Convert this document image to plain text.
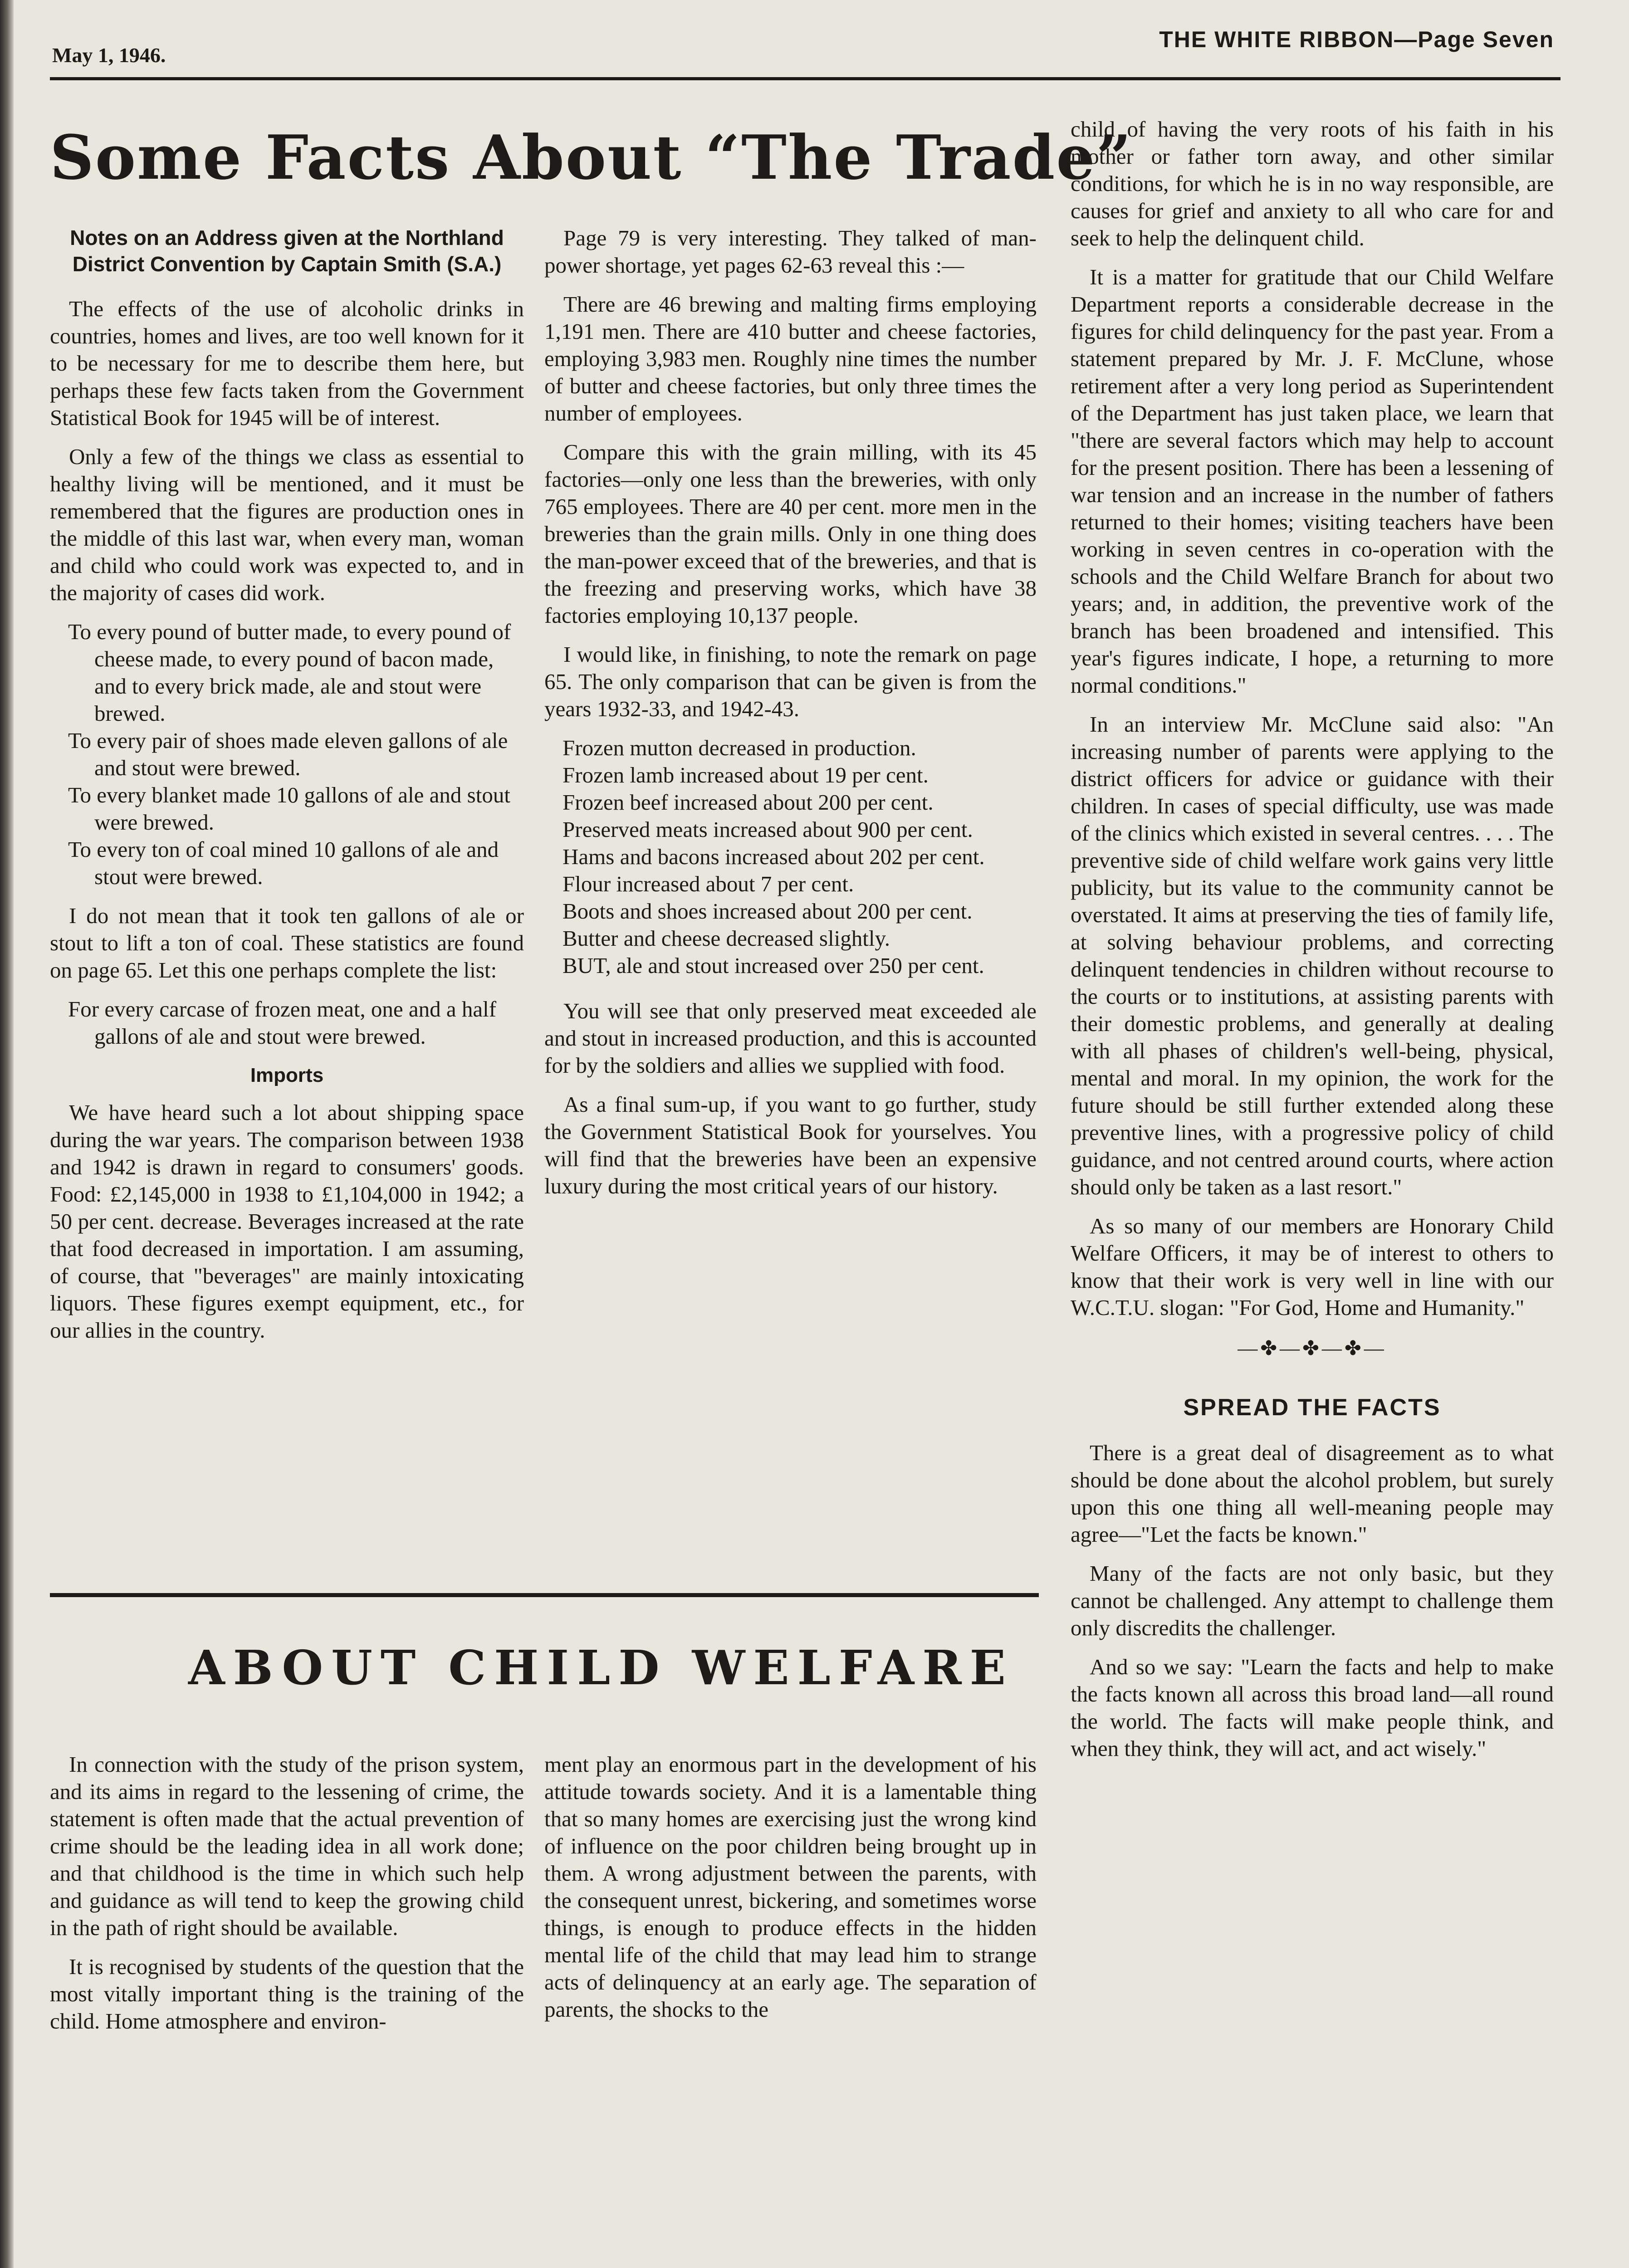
May 1, 1946.
THE WHITE RIBBON—Page Seven
Some Facts About “The Trade”
Notes on an Address given at the Northland District Convention by Captain Smith (S.A.)

The effects of the use of alcoholic drinks in countries, homes and lives, are too well known for it to be necessary for me to describe them here, but perhaps these few facts taken from the Government Statistical Book for 1945 will be of interest.

Only a few of the things we class as essential to healthy living will be mentioned, and it must be remembered that the figures are production ones in the middle of this last war, when every man, woman and child who could work was expected to, and in the majority of cases did work.

To every pound of butter made, to every pound of cheese made, to every pound of bacon made, and to every brick made, ale and stout were brewed.
To every pair of shoes made eleven gallons of ale and stout were brewed.
To every blanket made 10 gallons of ale and stout were brewed.
To every ton of coal mined 10 gallons of ale and stout were brewed.

I do not mean that it took ten gallons of ale or stout to lift a ton of coal. These statistics are found on page 65. Let this one perhaps complete the list:

For every carcase of frozen meat, one and a half gallons of ale and stout were brewed.
Imports

We have heard such a lot about shipping space during the war years. The comparison between 1938 and 1942 is drawn in regard to consumers' goods. Food: £2,145,000 in 1938 to £1,104,000 in 1942; a 50 per cent. decrease. Beverages increased at the rate that food decreased in importation. I am assuming, of course, that "beverages" are mainly intoxicating liquors. These figures exempt equipment, etc., for our allies in the country.

Page 79 is very interesting. They talked of man-power shortage, yet pages 62-63 reveal this :—

There are 46 brewing and malting firms employing 1,191 men. There are 410 butter and cheese factories, employing 3,983 men. Roughly nine times the number of butter and cheese factories, but only three times the number of employees.

Compare this with the grain milling, with its 45 factories—only one less than the breweries, with only 765 employees. There are 40 per cent. more men in the breweries than the grain mills. Only in one thing does the man-power exceed that of the breweries, and that is the freezing and preserving works, which have 38 factories employing 10,137 people.

I would like, in finishing, to note the remark on page 65. The only comparison that can be given is from the years 1932-33, and 1942-43.

Frozen mutton decreased in production.
Frozen lamb increased about 19 per cent.
Frozen beef increased about 200 per cent.
Preserved meats increased about 900 per cent.
Hams and bacons increased about 202 per cent.
Flour increased about 7 per cent.
Boots and shoes increased about 200 per cent.
Butter and cheese decreased slightly.
BUT, ale and stout increased over 250 per cent.

You will see that only preserved meat exceeded ale and stout in increased production, and this is accounted for by the soldiers and allies we supplied with food.

As a final sum-up, if you want to go further, study the Government Statistical Book for yourselves. You will find that the breweries have been an expensive luxury during the most critical years of our history.

child of having the very roots of his faith in his mother or father torn away, and other similar conditions, for which he is in no way responsible, are causes for grief and anxiety to all who care for and seek to help the delinquent child.

It is a matter for gratitude that our Child Welfare Department reports a considerable decrease in the figures for child delinquency for the past year. From a statement prepared by Mr. J. F. McClune, whose retirement after a very long period as Superintendent of the Department has just taken place, we learn that "there are several factors which may help to account for the present position. There has been a lessening of war tension and an increase in the number of fathers returned to their homes; visiting teachers have been working in seven centres in co-operation with the schools and the Child Welfare Branch for about two years; and, in addition, the preventive work of the branch has been broadened and intensified. This year's figures indicate, I hope, a returning to more normal conditions."

In an interview Mr. McClune said also: "An increasing number of parents were applying to the district officers for advice or guidance with their children. In cases of special difficulty, use was made of the clinics which existed in several centres. . . . The preventive side of child welfare work gains very little publicity, but its value to the community cannot be overstated. It aims at preserving the ties of family life, at solving behaviour problems, and correcting delinquent tendencies in children without recourse to the courts or to institutions, at assisting parents with their domestic problems, and generally at dealing with all phases of children's well-being, physical, mental and moral. In my opinion, the work for the future should be still further extended along these preventive lines, with a progressive policy of child guidance, and not centred around courts, where action should only be taken as a last resort."

As so many of our members are Honorary Child Welfare Officers, it may be of interest to others to know that their work is very well in line with our W.C.T.U. slogan: "For God, Home and Humanity."

—✤—✤—✤—
SPREAD THE FACTS

There is a great deal of disagreement as to what should be done about the alcohol problem, but surely upon this one thing all well-meaning people may agree—"Let the facts be known."

Many of the facts are not only basic, but they cannot be challenged. Any attempt to challenge them only discredits the challenger.

And so we say: "Learn the facts and help to make the facts known all across this broad land—all round the world. The facts will make people think, and when they think, they will act, and act wisely."

ABOUT CHILD WELFARE

In connection with the study of the prison system, and its aims in regard to the lessening of crime, the statement is often made that the actual prevention of crime should be the leading idea in all work done; and that childhood is the time in which such help and guidance as will tend to keep the growing child in the path of right should be available.

It is recognised by students of the question that the most vitally important thing is the training of the child. Home atmosphere and environ-

ment play an enormous part in the development of his attitude towards society. And it is a lamentable thing that so many homes are exercising just the wrong kind of influence on the poor children being brought up in them. A wrong adjustment between the parents, with the consequent unrest, bickering, and sometimes worse things, is enough to produce effects in the hidden mental life of the child that may lead him to strange acts of delinquency at an early age. The separation of parents, the shocks to the
